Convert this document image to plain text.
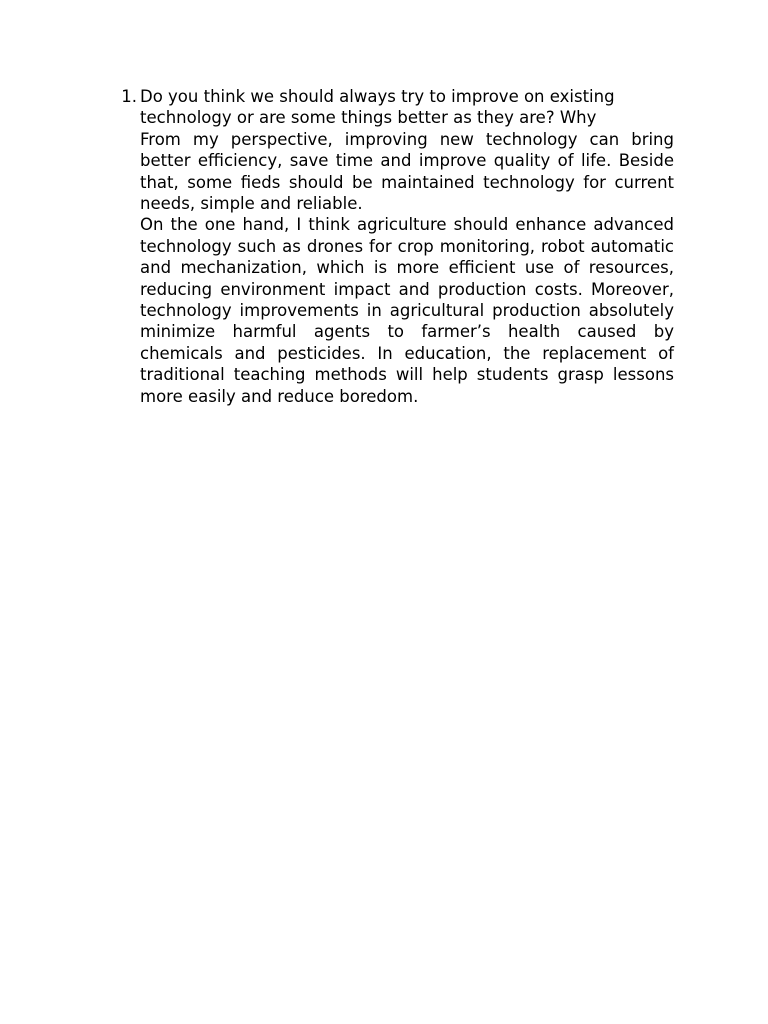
1 . Do you think we should always try to improve on existing technology or are some things better as they are? Why

From my perspective, improving new technology can bring better efficiency, save time and improve quality of life. Beside that, some fieds should be maintained technology for current needs, simple and reliable.

On the one hand, I think agriculture should enhance advanced technology such as drones for crop monitoring, robot automatic and mechanization, which is more efficient use of resources, reducing environment impact and production costs. Moreover, technology improvements in agricultural production absolutely minimize harmful agents to farmer’s health caused by chemicals and pesticides. In education, the replacement of traditional teaching methods will help students grasp lessons more easily and reduce boredom.
